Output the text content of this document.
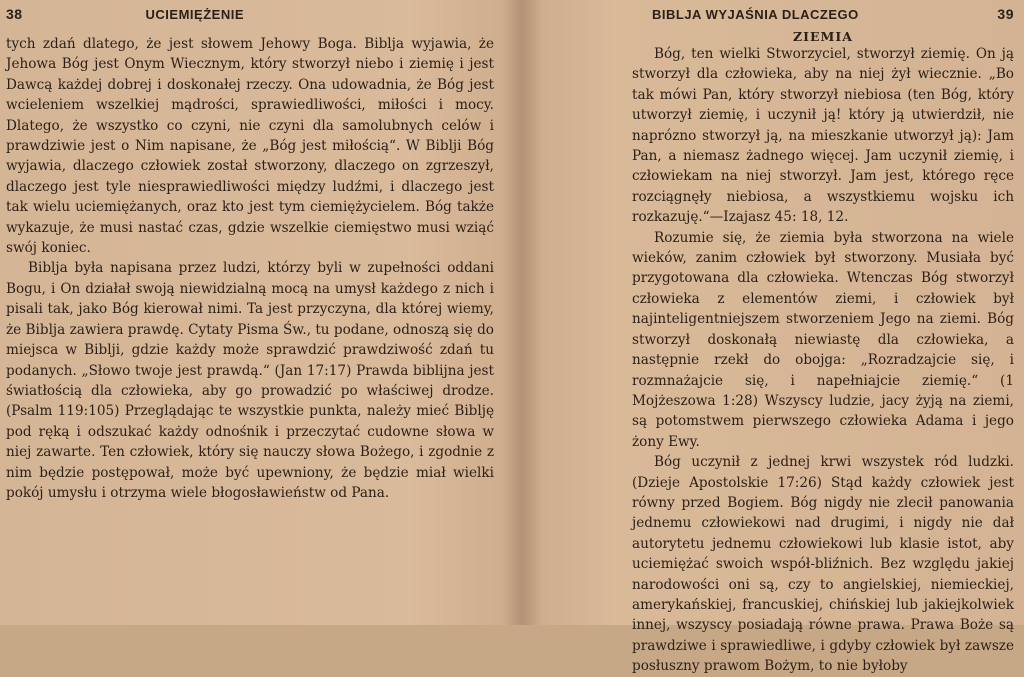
38	UCIEMIĘŻENIE

tych zdań dlatego, że jest słowem Jehowy Boga. Biblja wyjawia, że Jehowa Bóg jest Onym Wiecznym, który stworzył niebo i ziemię i jest Dawcą każdej dobrej i doskonałej rzeczy. Ona udowadnia, że Bóg jest wcieleniem wszelkiej mądrości, sprawiedliwości, miłości i mocy. Dlatego, że wszystko co czyni, nie czyni dla samolubnych celów i prawdziwie jest o Nim napisane, że „Bóg jest miłością“. W Biblji Bóg wyjawia, dlaczego człowiek został stworzony, dlaczego on zgrzeszył, dlaczego jest tyle niesprawiedliwości między ludźmi, i dlaczego jest tak wielu uciemiężanych, oraz kto jest tym ciemiężycielem. Bóg także wykazuje, że musi nastać czas, gdzie wszelkie ciemięstwo musi wziąć swój koniec.

Biblja była napisana przez ludzi, którzy byli w zupełności oddani Bogu, i On działał swoją niewidzialną mocą na umysł każdego z nich i pisali tak, jako Bóg kierował nimi. Ta jest przyczyna, dla której wiemy, że Biblja zawiera prawdę. Cytaty Pisma Św., tu podane, odnoszą się do miejsca w Biblji, gdzie każdy może sprawdzić prawdziwość zdań tu podanych. „Słowo twoje jest prawdą.“ (Jan 17:17) Prawda biblijna jest światłością dla człowieka, aby go prowadzić po właściwej drodze. (Psalm 119:105) Przeglądając te wszystkie punkta, należy mieć Biblję pod ręką i odszukać każdy odnośnik i przeczytać cudowne słowa w niej zawarte. Ten człowiek, który się nauczy słowa Bożego, i zgodnie z nim będzie postępował, może być upewniony, że będzie miał wielki pokój umysłu i otrzyma wiele błogosławieństw od Pana.

BIBLJA WYJAŚNIA DLACZEGO	39
ZIEMIA

Bóg, ten wielki Stworzyciel, stworzył ziemię. On ją stworzył dla człowieka, aby na niej żył wiecznie. „Bo tak mówi Pan, który stworzył niebiosa (ten Bóg, który utworzył ziemię, i uczynił ją! który ją utwierdził, nie naprózno stworzył ją, na mieszkanie utworzył ją): Jam Pan, a niemasz żadnego więcej. Jam uczynił ziemię, i człowiekam na niej stworzył. Jam jest, którego ręce rozciągnęły niebiosa, a wszystkiemu wojsku ich rozkazuję.“—Izajasz 45: 18, 12.

Rozumie się, że ziemia była stworzona na wiele wieków, zanim człowiek był stworzony. Musiała być przygotowana dla człowieka. Wtenczas Bóg stworzył człowieka z elementów ziemi, i człowiek był najinteligentniejszem stworzeniem Jego na ziemi. Bóg stworzył doskonałą niewiastę dla człowieka, a następnie rzekł do obojga: „Rozradzajcie się, i rozmnażajcie się, i napełniajcie ziemię.“ (1 Mojżeszowa 1:28) Wszyscy ludzie, jacy żyją na ziemi, są potomstwem pierwszego człowieka Adama i jego żony Ewy.

Bóg uczynił z jednej krwi wszystek ród ludzki. (Dzieje Apostolskie 17:26) Stąd każdy człowiek jest równy przed Bogiem. Bóg nigdy nie zlecił panowania jednemu człowiekowi nad drugimi, i nigdy nie dał autorytetu jednemu człowiekowi lub klasie istot, aby uciemiężać swoich współ-bliźnich. Bez względu jakiej narodowości oni są, czy to angielskiej, niemieckiej, amerykańskiej, francuskiej, chińskiej lub jakiejkolwiek innej, wszyscy posiadają równe prawa. Prawa Boże są prawdziwe i sprawiedliwe, i gdyby człowiek był zawsze posłuszny prawom Bożym, to nie byłoby
